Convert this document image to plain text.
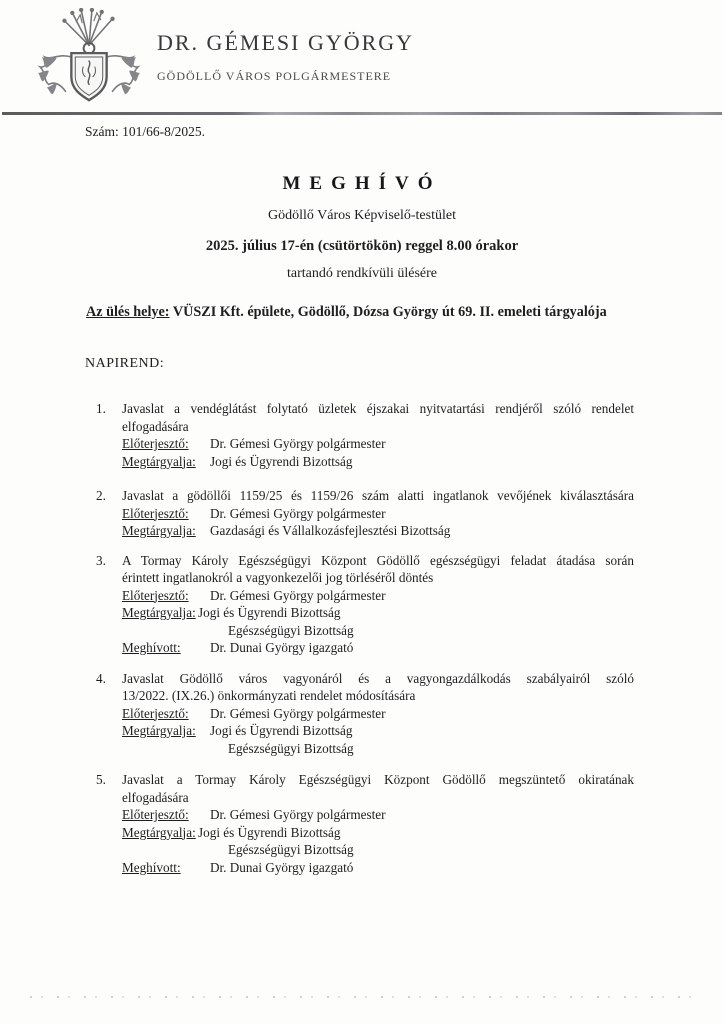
DR. GÉMESI GYÖRGY
GÖDÖLLŐ VÁROS POLGÁRMESTERE
Szám: 101/66-8/2025.
MEGHÍVÓ
Gödöllő Város Képviselő-testület
2025. július 17-én (csütörtökön) reggel 8.00 órakor
tartandó rendkívüli ülésére
Az ülés helye: VÜSZI Kft. épülete, Gödöllő, Dózsa György út 69. II. emeleti tárgyalója
NAPIREND:
1.	Javaslat a vendéglátást folytató üzletek éjszakai nyitvatartási rendjéről szóló rendelet
elfogadására
Előterjesztő:	Dr. Gémesi György polgármester
Megtárgyalja:	Jogi és Ügyrendi Bizottság
2.	Javaslat a gödöllői 1159/25 és 1159/26 szám alatti ingatlanok vevőjének kiválasztására
Előterjesztő:	Dr. Gémesi György polgármester
Megtárgyalja:	Gazdasági és Vállalkozásfejlesztési Bizottság
3.	A Tormay Károly Egészségügyi Központ Gödöllő egészségügyi feladat átadása során
érintett ingatlanokról a vagyonkezelői jog törléséről döntés
Előterjesztő:	Dr. Gémesi György polgármester
Megtárgyalja: Jogi és Ügyrendi Bizottság
Egészségügyi Bizottság
Meghívott:	Dr. Dunai György igazgató
4.	Javaslat Gödöllő város vagyonáról és a vagyongazdálkodás szabályairól szóló
13/2022. (IX.26.) önkormányzati rendelet módosítására
Előterjesztő:	Dr. Gémesi György polgármester
Megtárgyalja:	Jogi és Ügyrendi Bizottság
Egészségügyi Bizottság
5.	Javaslat a Tormay Károly Egészségügyi Központ Gödöllő megszüntető okiratának
elfogadására
Előterjesztő:	Dr. Gémesi György polgármester
Megtárgyalja: Jogi és Ügyrendi Bizottság
Egészségügyi Bizottság
Meghívott:	Dr. Dunai György igazgató
